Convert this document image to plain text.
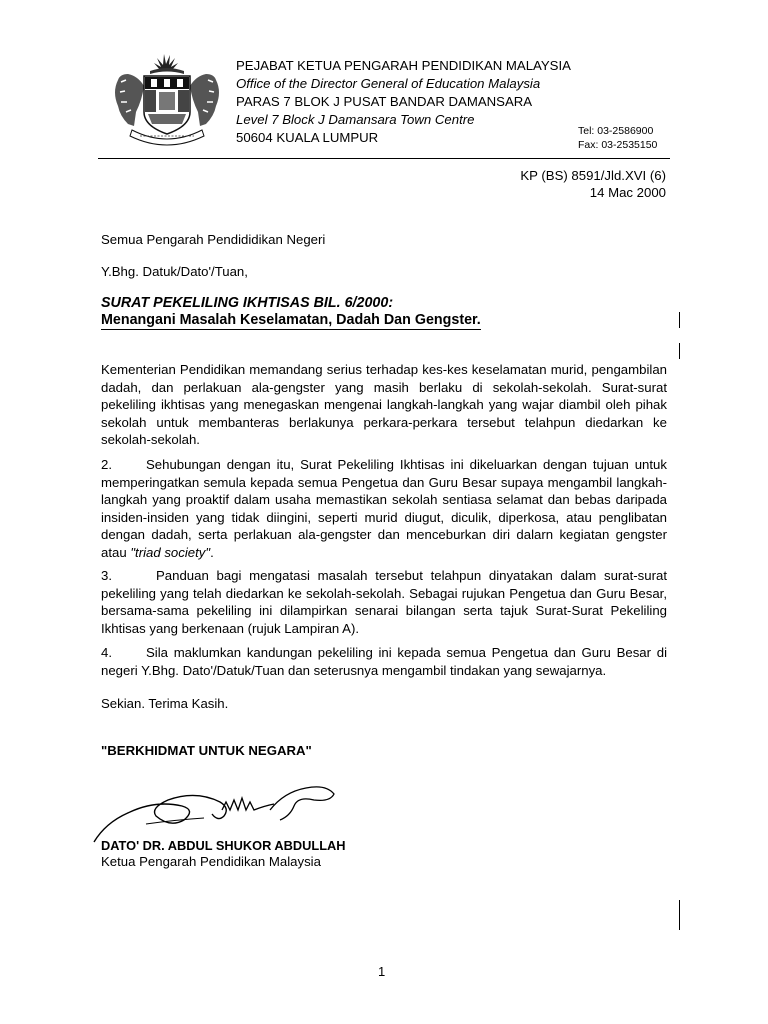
PEJABAT KETUA PENGARAH PENDIDIKAN MALAYSIA
Office of the Director General of Education Malaysia
PARAS 7 BLOK J PUSAT BANDAR DAMANSARA
Level 7 Block J Damansara Town Centre
50604 KUALA LUMPUR	Tel: 03-2586900
Fax: 03-2535150
KP (BS) 8591/Jld.XVI (6)
14 Mac 2000
Semua Pengarah Pendididikan Negeri
Y.Bhg. Datuk/Dato'/Tuan,
SURAT PEKELILING IKHTISAS BIL. 6/2000:
Menangani Masalah Keselamatan, Dadah Dan Gengster.
Kementerian Pendidikan memandang serius terhadap kes-kes keselamatan murid, pengambilan dadah, dan perlakuan ala-gengster yang masih berlaku di sekolah-sekolah. Surat-surat pekeliling ikhtisas yang menegaskan mengenai langkah-langkah yang wajar diambil oleh pihak sekolah untuk membanteras berlakunya perkara-perkara tersebut telahpun diedarkan ke sekolah-sekolah.
2.	Sehubungan dengan itu, Surat Pekeliling Ikhtisas ini dikeluarkan dengan tujuan untuk memperingatkan semula kepada semua Pengetua dan Guru Besar supaya mengambil langkah-langkah yang proaktif dalam usaha memastikan sekolah sentiasa selamat dan bebas daripada insiden-insiden yang tidak diingini, seperti murid diugut, diculik, diperkosa, atau penglibatan dengan dadah, serta perlakuan ala-gengster dan menceburkan diri dalarn kegiatan gengster atau "triad society".
3.	Panduan bagi mengatasi masalah tersebut telahpun dinyatakan dalam surat-surat pekeliling yang telah diedarkan ke sekolah-sekolah. Sebagai rujukan Pengetua dan Guru Besar, bersama-sama pekeliling ini dilampirkan senarai bilangan serta tajuk Surat-Surat Pekeliling Ikhtisas yang berkenaan (rujuk Lampiran A).
4.	Sila maklumkan kandungan pekeliling ini kepada semua Pengetua dan Guru Besar di negeri Y.Bhg. Dato'/Datuk/Tuan dan seterusnya mengambil tindakan yang sewajarnya.
Sekian. Terima Kasih.
"BERKHIDMAT UNTUK NEGARA"
DATO' DR. ABDUL SHUKOR ABDULLAH
Ketua Pengarah Pendidikan Malaysia
1
